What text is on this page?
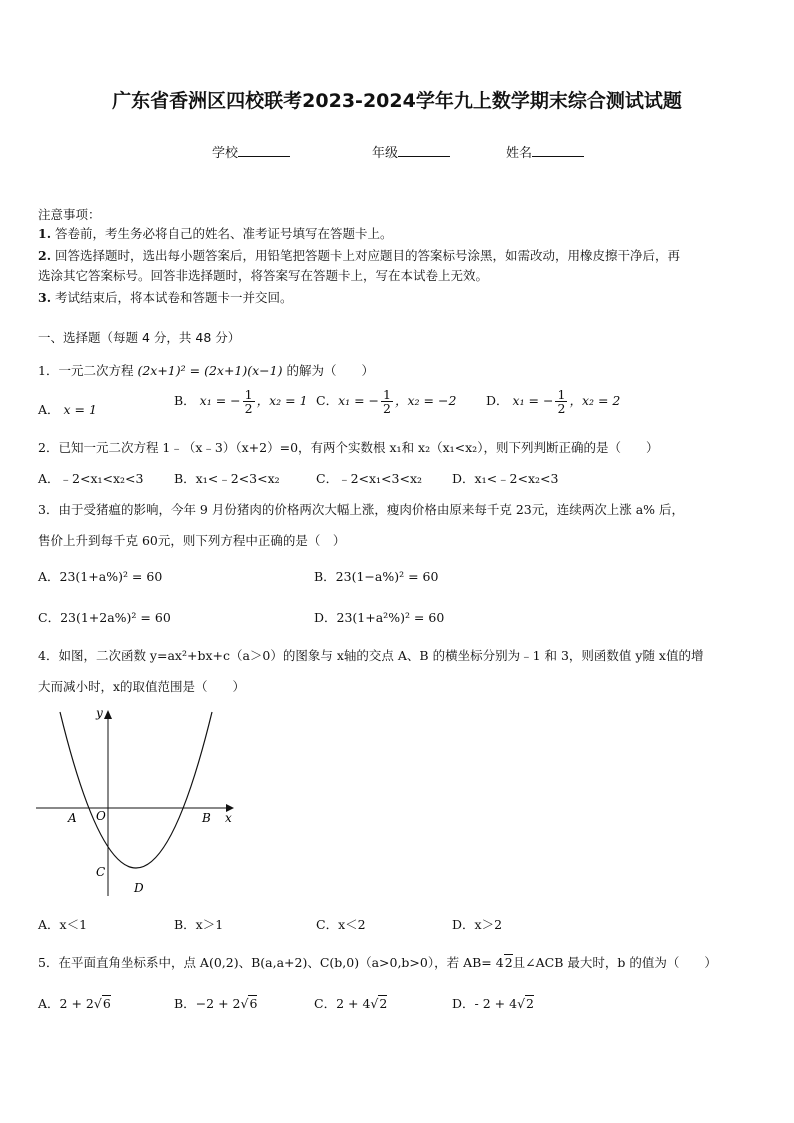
广东省香洲区四校联考2023-2024学年九上数学期末综合测试试题
学校	年级	姓名
注意事项：
1. 答卷前，考生务必将自己的姓名、准考证号填写在答题卡上。
2. 回答选择题时，选出每小题答案后，用铅笔把答题卡上对应题目的答案标号涂黑，如需改动，用橡皮擦干净后，再
选涂其它答案标号。回答非选择题时，将答案写在答题卡上，写在本试卷上无效。
3. 考试结束后，将本试卷和答题卡一并交回。
一、选择题（每题 4 分，共 48 分）
1．一元二次方程 (2x+1)² = (2x+1)(x−1) 的解为（　　）
A． x = 1
B． x₁ = − $\frac{1}{2}$ ，x₂ = 1 C．x₁ = − $\frac{1}{2}$ ，x₂ = −2 D． x₁ = − $\frac{1}{2}$ ，x₂ = 2
2．已知一元二次方程 1﹣（x﹣3）（x+2）=0，有两个实数根 x₁和 x₂（x₁<x₂），则下列判断正确的是（　　）
A．﹣2<x₁<x₂<3 B．x₁<﹣2<3<x₂	C．﹣2<x₁<3<x₂ D．x₁<﹣2<x₂<3
3．由于受猪瘟的影响，今年 9 月份猪肉的价格两次大幅上涨，瘦肉价格由原来每千克 23元，连续两次上涨 a% 后，
售价上升到每千克 60元，则下列方程中正确的是（　）
A．23(1+a%)² = 60	B．23(1−a%)² = 60
C．23(1+2a%)² = 60	D．23(1+a²%)² = 60
4．如图，二次函数 y=ax²+bx+c（a＞0）的图象与 x轴的交点 A、B 的横坐标分别为﹣1 和 3，则函数值 y随 x值的增
大而减小时，x的取值范围是（　　）
y
x
A O	B
C
D
A．x＜1	B．x＞1	C．x＜2	D．x＞2
5．在平面直角坐标系中，点 A(0,2)、B(a,a+2)、C(b,0)（a>0,b>0），若 AB= 42且∠ACB 最大时，b 的值为（　　）
A．2 + 2√6	B．−2 + 2√6	C．2 + 4√2	D．- 2 + 4√2
